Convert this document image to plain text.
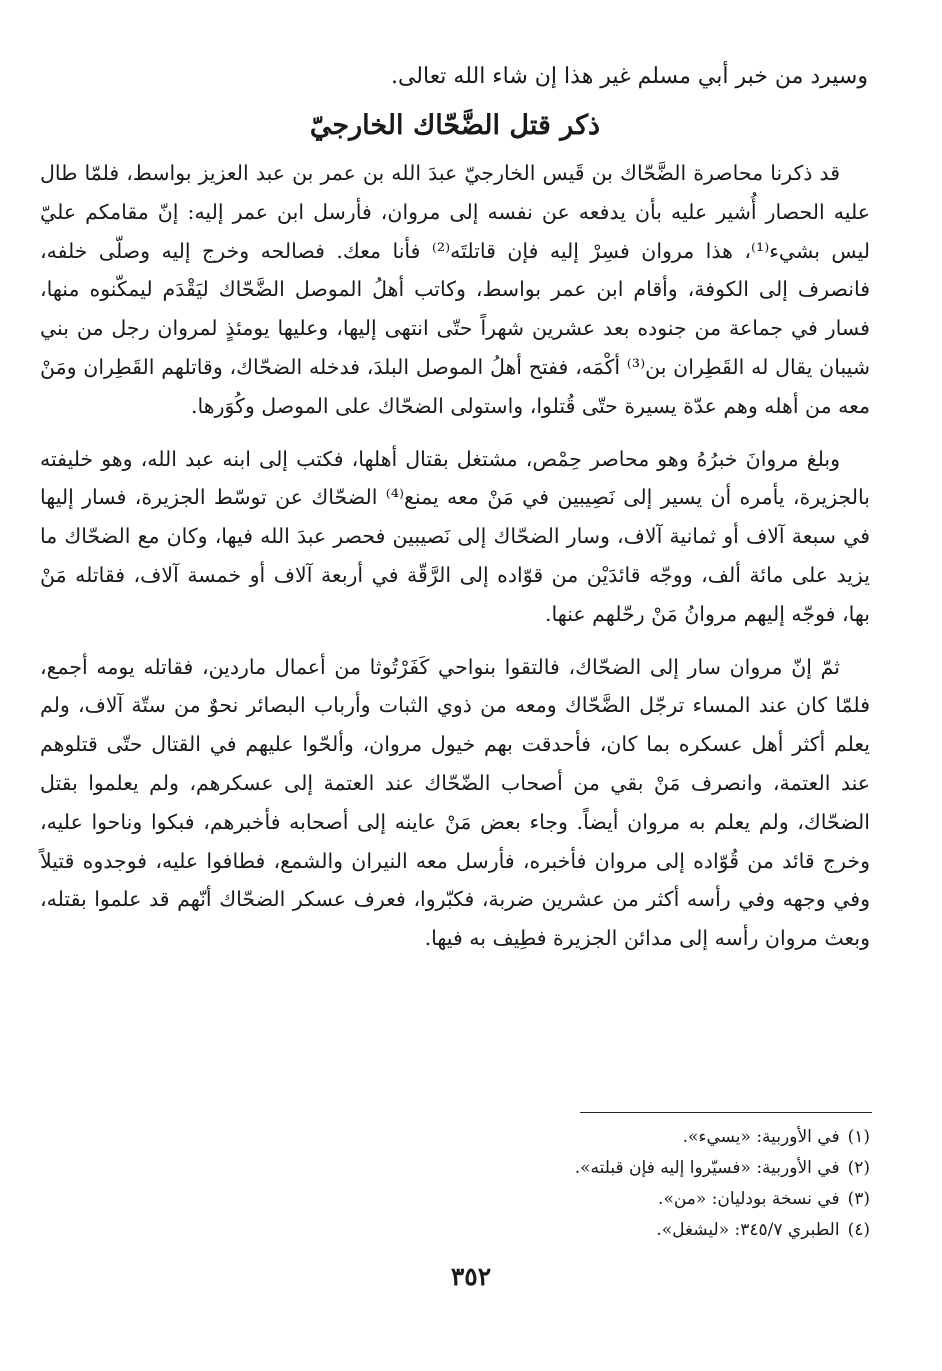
وسيرد من خبر أبي مسلم غير هذا إن شاء الله تعالى.

ذكر قتل الضَّحّاك الخارجيّ

قد ذكرنا محاصرة الضَّحّاك بن قَيس الخارجيّ عبدَ الله بن عمر بن عبد العزيز بواسط، فلمّا طال عليه الحصار أُشير عليه بأن يدفعه عن نفسه إلى مروان، فأرسل ابن عمر إليه: إنّ مقامكم عليّ ليس بشيء⁽¹⁾، هذا مروان فسِرْ إليه فإن قاتلتَه⁽²⁾ فأنا معك. فصالحه وخرج إليه وصلّى خلفه، فانصرف إلى الكوفة، وأقام ابن عمر بواسط، وكاتب أهلُ الموصل الضَّحّاك ليَقْدَم ليمكّنوه منها، فسار في جماعة من جنوده بعد عشرين شهراً حتّى انتهى إليها، وعليها يومئذٍ لمروان رجل من بني شيبان يقال له القَطِران بن⁽³⁾ أكْمَه، ففتح أهلُ الموصل البلدَ، فدخله الضحّاك، وقاتلهم القَطِران ومَنْ معه من أهله وهم عدّة يسيرة حتّى قُتلوا، واستولى الضحّاك على الموصل وكُوَرها.

وبلغ مروانَ خبرُهُ وهو محاصر حِمْص، مشتغل بقتال أهلها، فكتب إلى ابنه عبد الله، وهو خليفته بالجزيرة، يأمره أن يسير إلى نَصِيبين في مَنْ معه يمنع⁽⁴⁾ الضحّاك عن توسّط الجزيرة، فسار إليها في سبعة آلاف أو ثمانية آلاف، وسار الضحّاك إلى نَصيبين فحصر عبدَ الله فيها، وكان مع الضحّاك ما يزيد على مائة ألف، ووجّه قائدَيْن من قوّاده إلى الرَّقّة في أربعة آلاف أو خمسة آلاف، فقاتله مَنْ بها، فوجّه إليهم مروانُ مَنْ رحّلهم عنها.

ثمّ إنّ مروان سار إلى الضحّاك، فالتقوا بنواحي كَفَرْتُوثا من أعمال ماردين، فقاتله يومه أجمع، فلمّا كان عند المساء ترجّل الضَّحّاك ومعه من ذوي الثبات وأرباب البصائر نحوٌ من ستّة آلاف، ولم يعلم أكثر أهل عسكره بما كان، فأحدقت بهم خيول مروان، وألحّوا عليهم في القتال حتّى قتلوهم عند العتمة، وانصرف مَنْ بقي من أصحاب الضّحّاك عند العتمة إلى عسكرهم، ولم يعلموا بقتل الضحّاك، ولم يعلم به مروان أيضاً. وجاء بعض مَنْ عاينه إلى أصحابه فأخبرهم، فبكوا وناحوا عليه، وخرج قائد من قُوّاده إلى مروان فأخبره، فأرسل معه النيران والشمع، فطافوا عليه، فوجدوه قتيلاً وفي وجهه وفي رأسه أكثر من عشرين ضربة، فكبّروا، فعرف عسكر الضحّاك أنّهم قد علموا بقتله، وبعث مروان رأسه إلى مدائن الجزيرة فطِيف به فيها.

(١)في الأوربية: «يسيء».
(٢)في الأوربية: «فسيّروا إليه فإن قبلته».
(٣)في نسخة بودليان: «من».
(٤)الطبري ٣٤٥/٧: «ليشغل».
٣٥٢
